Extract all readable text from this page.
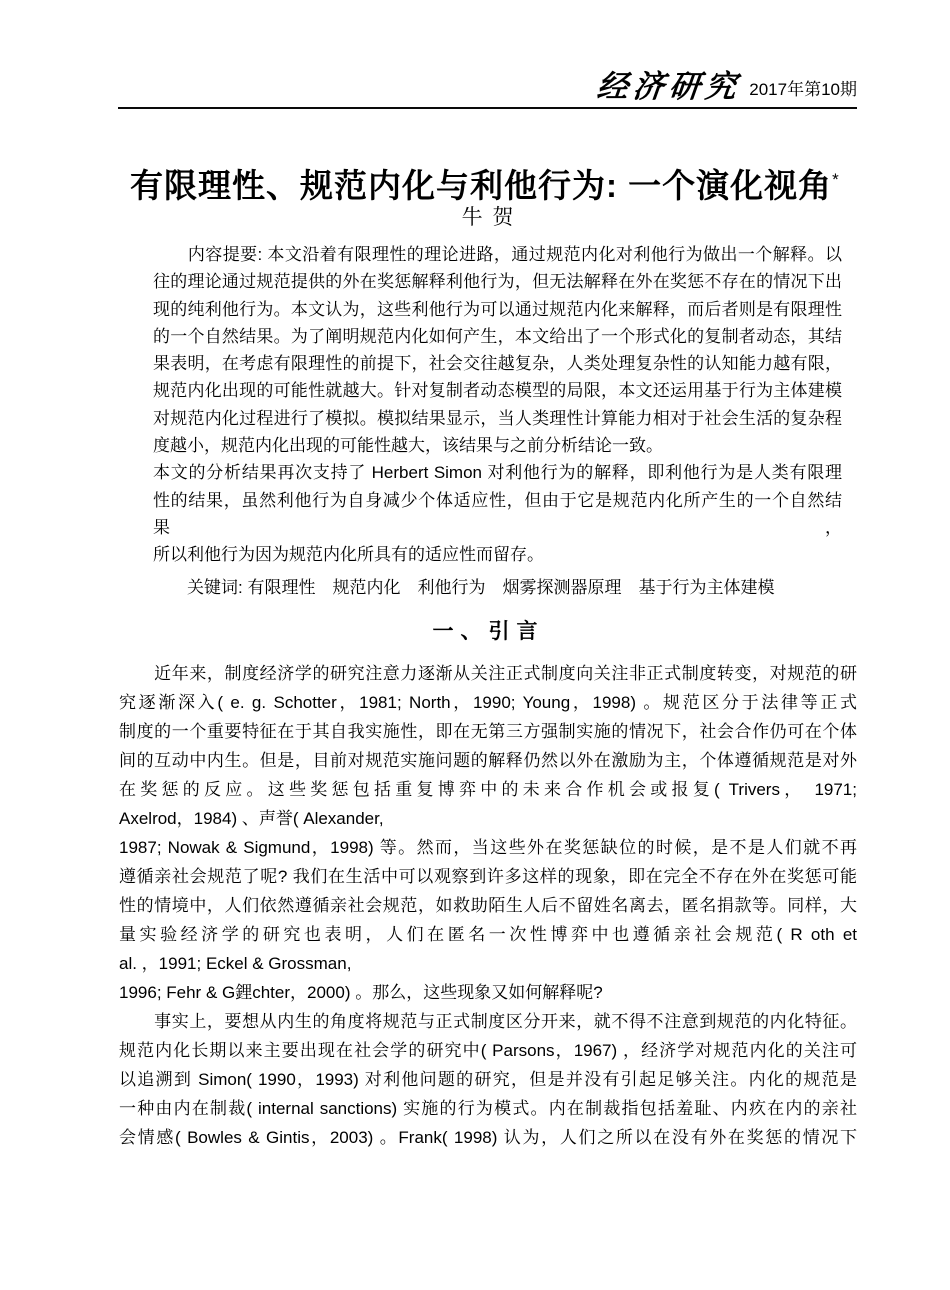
经济研究 2017年第10期
有限理性、规范内化与利他行为: 一个演化视角*
牛 贺
　　内容提要: 本文沿着有限理性的理论进路，通过规范内化对利他行为做出一个解释。以
往的理论通过规范提供的外在奖惩解释利他行为，但无法解释在外在奖惩不存在的情况下出
现的纯利他行为。本文认为，这些利他行为可以通过规范内化来解释，而后者则是有限理性
的一个自然结果。为了阐明规范内化如何产生，本文给出了一个形式化的复制者动态，其结
果表明，在考虑有限理性的前提下，社会交往越复杂，人类处理复杂性的认知能力越有限，
规范内化出现的可能性就越大。针对复制者动态模型的局限，本文还运用基于行为主体建模
对规范内化过程进行了模拟。模拟结果显示，当人类理性计算能力相对于社会生活的复杂程
度越小，规范内化出现的可能性越大，该结果与之前分析结论一致。
本文的分析结果再次支持了 Herbert Simon 对利他行为的解释，即利他行为是人类有限理
性的结果，虽然利他行为自身减少个体适应性，但由于它是规范内化所产生的一个自然结果，
所以利他行为因为规范内化所具有的适应性而留存。
　　关键词: 有限理性　规范内化　利他行为　烟雾探测器原理　基于行为主体建模
一、引言
　　近年来，制度经济学的研究注意力逐渐从关注正式制度向关注非正式制度转变，对规范的研
究逐渐深入( e. g. Schotter，1981; North，1990; Young，1998) 。规范区分于法律等正式
制度的一个重要特征在于其自我实施性，即在无第三方强制实施的情况下，社会合作仍可在个体
间的互动中内生。但是，目前对规范实施问题的解释仍然以外在激励为主，个体遵循规范是对外
在奖惩的反应。这些奖惩包括重复博弈中的未来合作机会或报复( Trivers， 1971;
Axelrod，1984) 、声誉( Alexander,
1987; Nowak & Sigmund，1998) 等。然而，当这些外在奖惩缺位的时候，是不是人们就不再
遵循亲社会规范了呢? 我们在生活中可以观察到许多这样的现象，即在完全不存在外在奖惩可能
性的情境中，人们依然遵循亲社会规范，如救助陌生人后不留姓名离去，匿名捐款等。同样，大
量实验经济学的研究也表明，人们在匿名一次性博弈中也遵循亲社会规范( R oth et
al. ，1991; Eckel & Grossman,
1996; Fehr & G鋰chter，2000) 。那么，这些现象又如何解释呢?
　　事实上，要想从内生的角度将规范与正式制度区分开来，就不得不注意到规范的内化特征。
规范内化长期以来主要出现在社会学的研究中( Parsons，1967) ，经济学对规范内化的关注可
以追溯到 Simon( 1990，1993) 对利他问题的研究，但是并没有引起足够关注。内化的规范是
一种由内在制裁( internal sanctions) 实施的行为模式。内在制裁指包括羞耻、内疚在内的亲社
会情感( Bowles & Gintis，2003) 。Frank( 1998) 认为，人们之所以在没有外在奖惩的情况下
